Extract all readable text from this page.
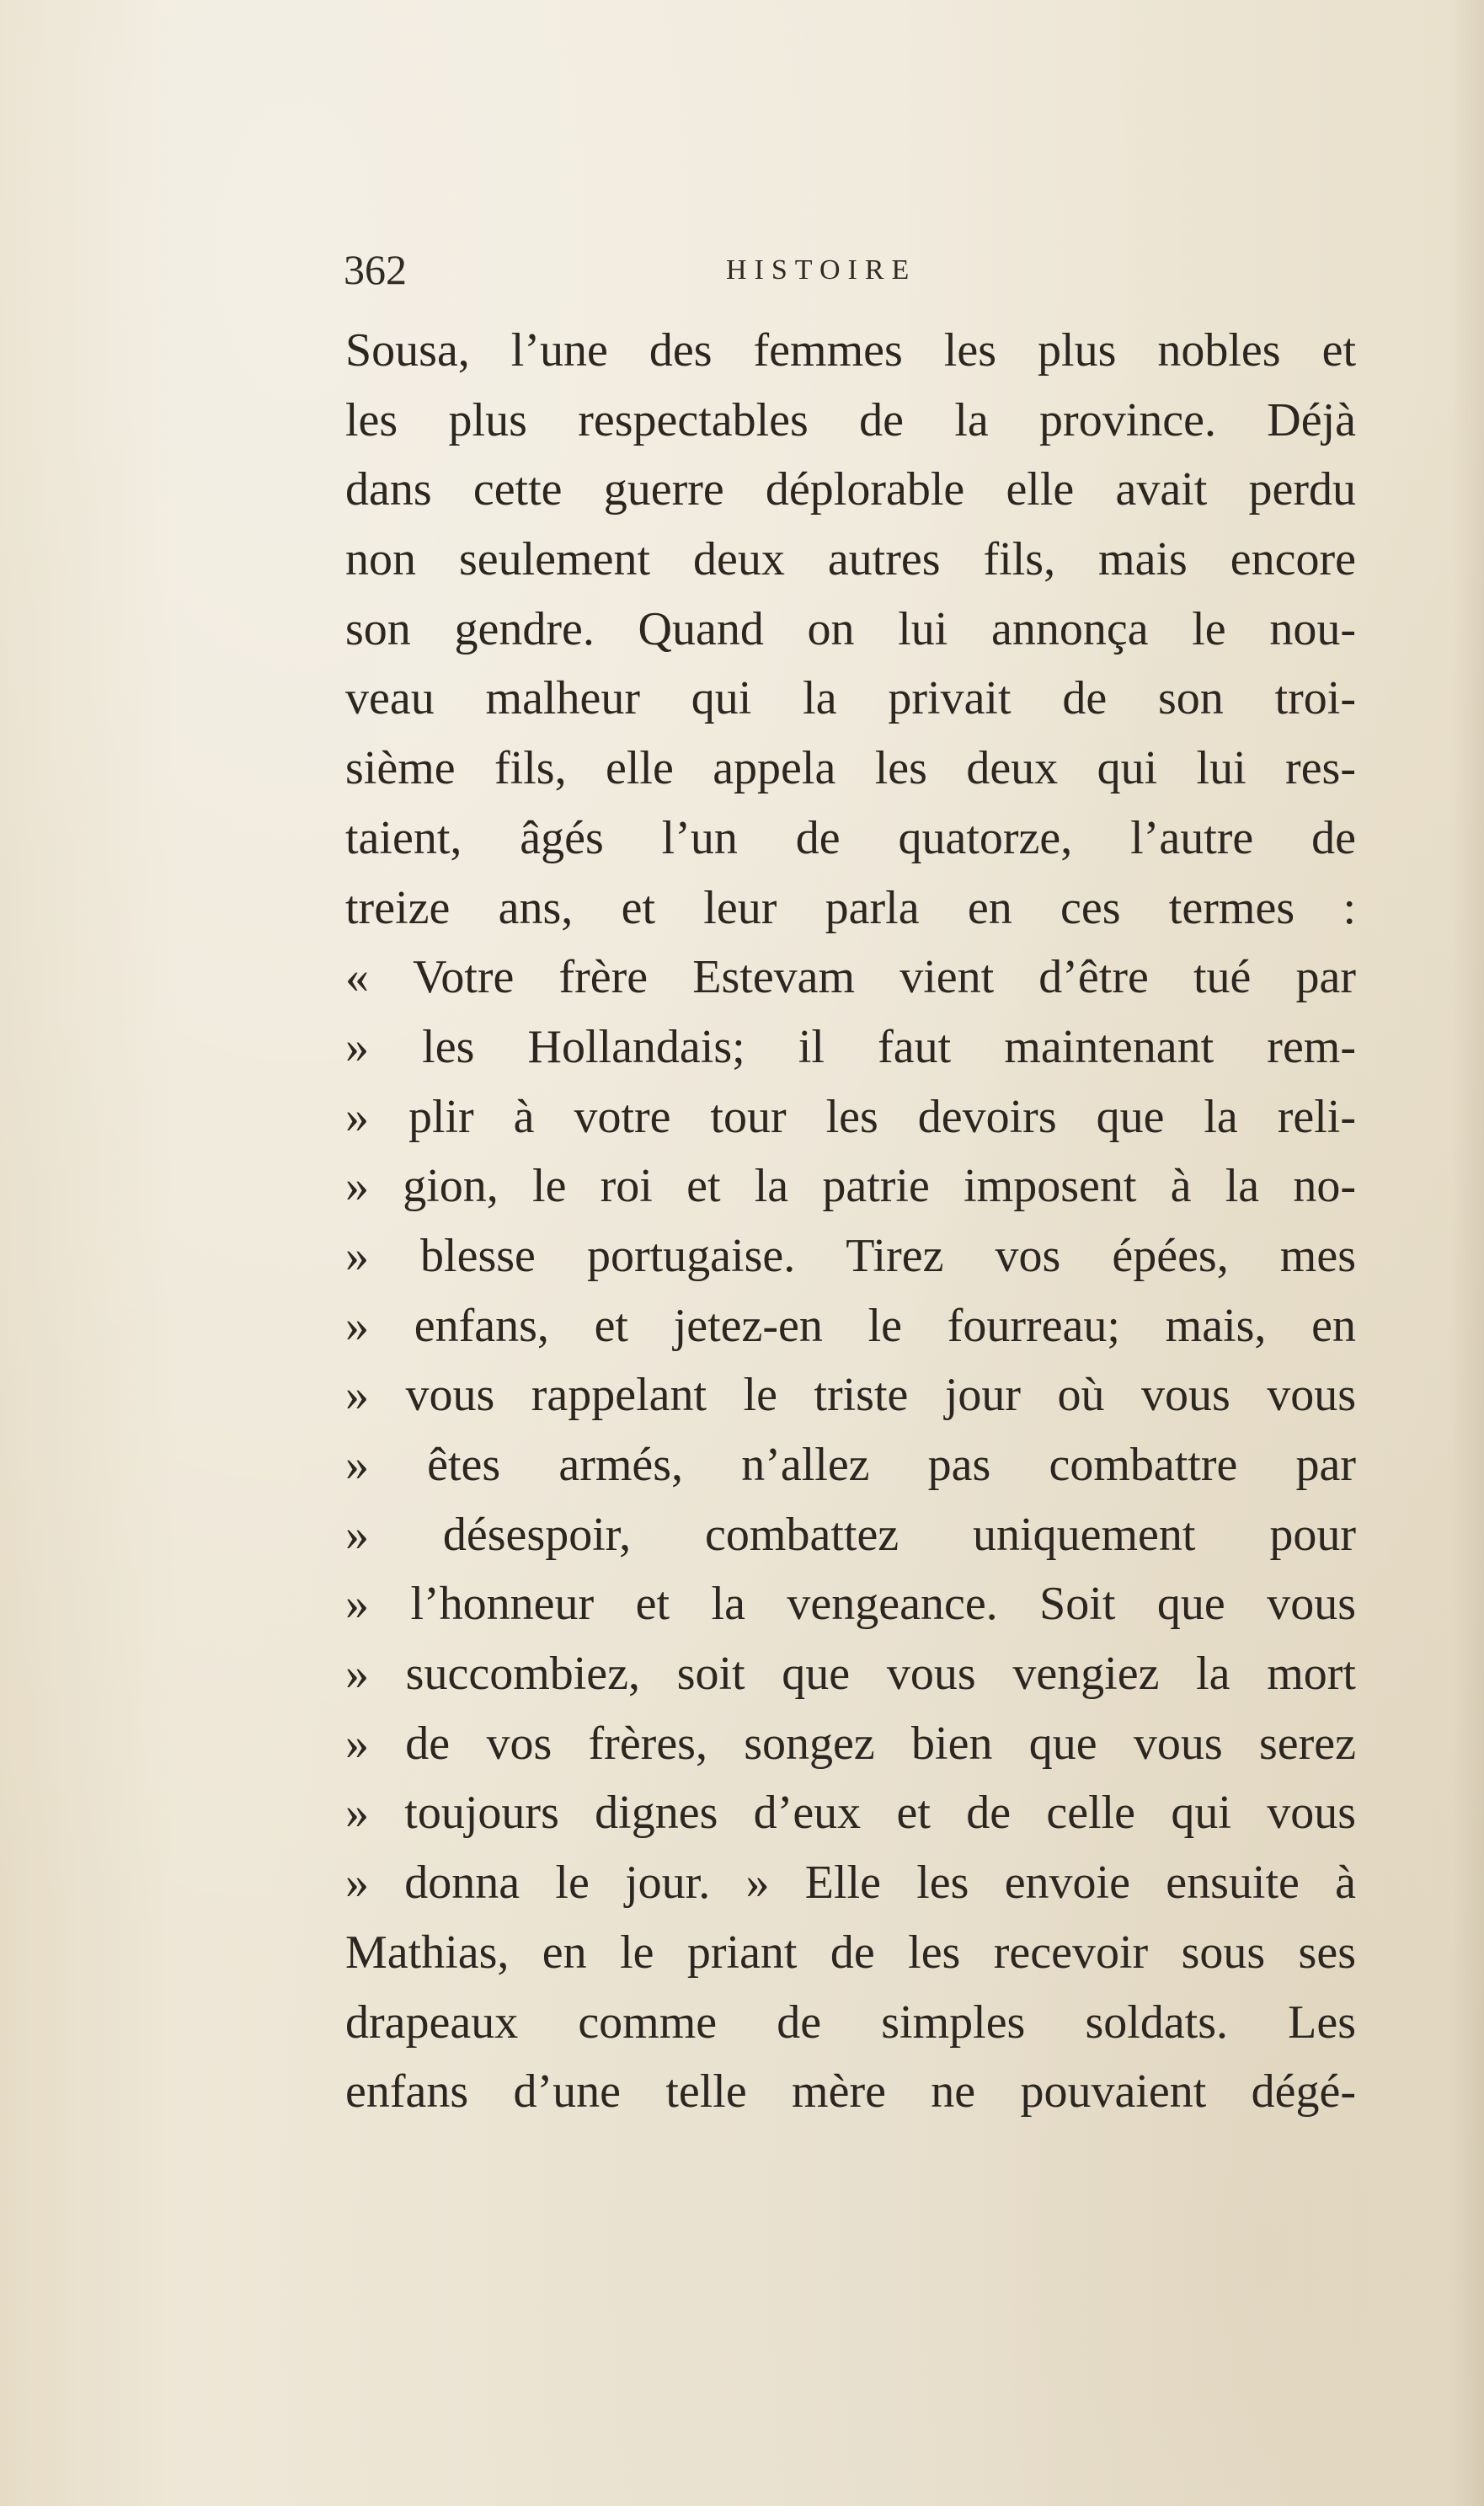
362	HISTOIRE
Sousa, l’une des femmes les plus nobles et
les plus respectables de la province. Déjà
dans cette guerre déplorable elle avait perdu
non seulement deux autres fils, mais encore
son gendre. Quand on lui annonça le nou-
veau malheur qui la privait de son troi-
sième fils, elle appela les deux qui lui res-
taient, âgés l’un de quatorze, l’autre de
treize ans, et leur parla en ces termes :
« Votre frère Estevam vient d’être tué par
» les Hollandais; il faut maintenant rem-
» plir à votre tour les devoirs que la reli-
» gion, le roi et la patrie imposent à la no-
» blesse portugaise. Tirez vos épées, mes
» enfans, et jetez-en le fourreau; mais, en
» vous rappelant le triste jour où vous vous
» êtes armés, n’allez pas combattre par
» désespoir, combattez uniquement pour
» l’honneur et la vengeance. Soit que vous
» succombiez, soit que vous vengiez la mort
» de vos frères, songez bien que vous serez
» toujours dignes d’eux et de celle qui vous
» donna le jour. » Elle les envoie ensuite à
Mathias, en le priant de les recevoir sous ses
drapeaux comme de simples soldats. Les
enfans d’une telle mère ne pouvaient dégé-
